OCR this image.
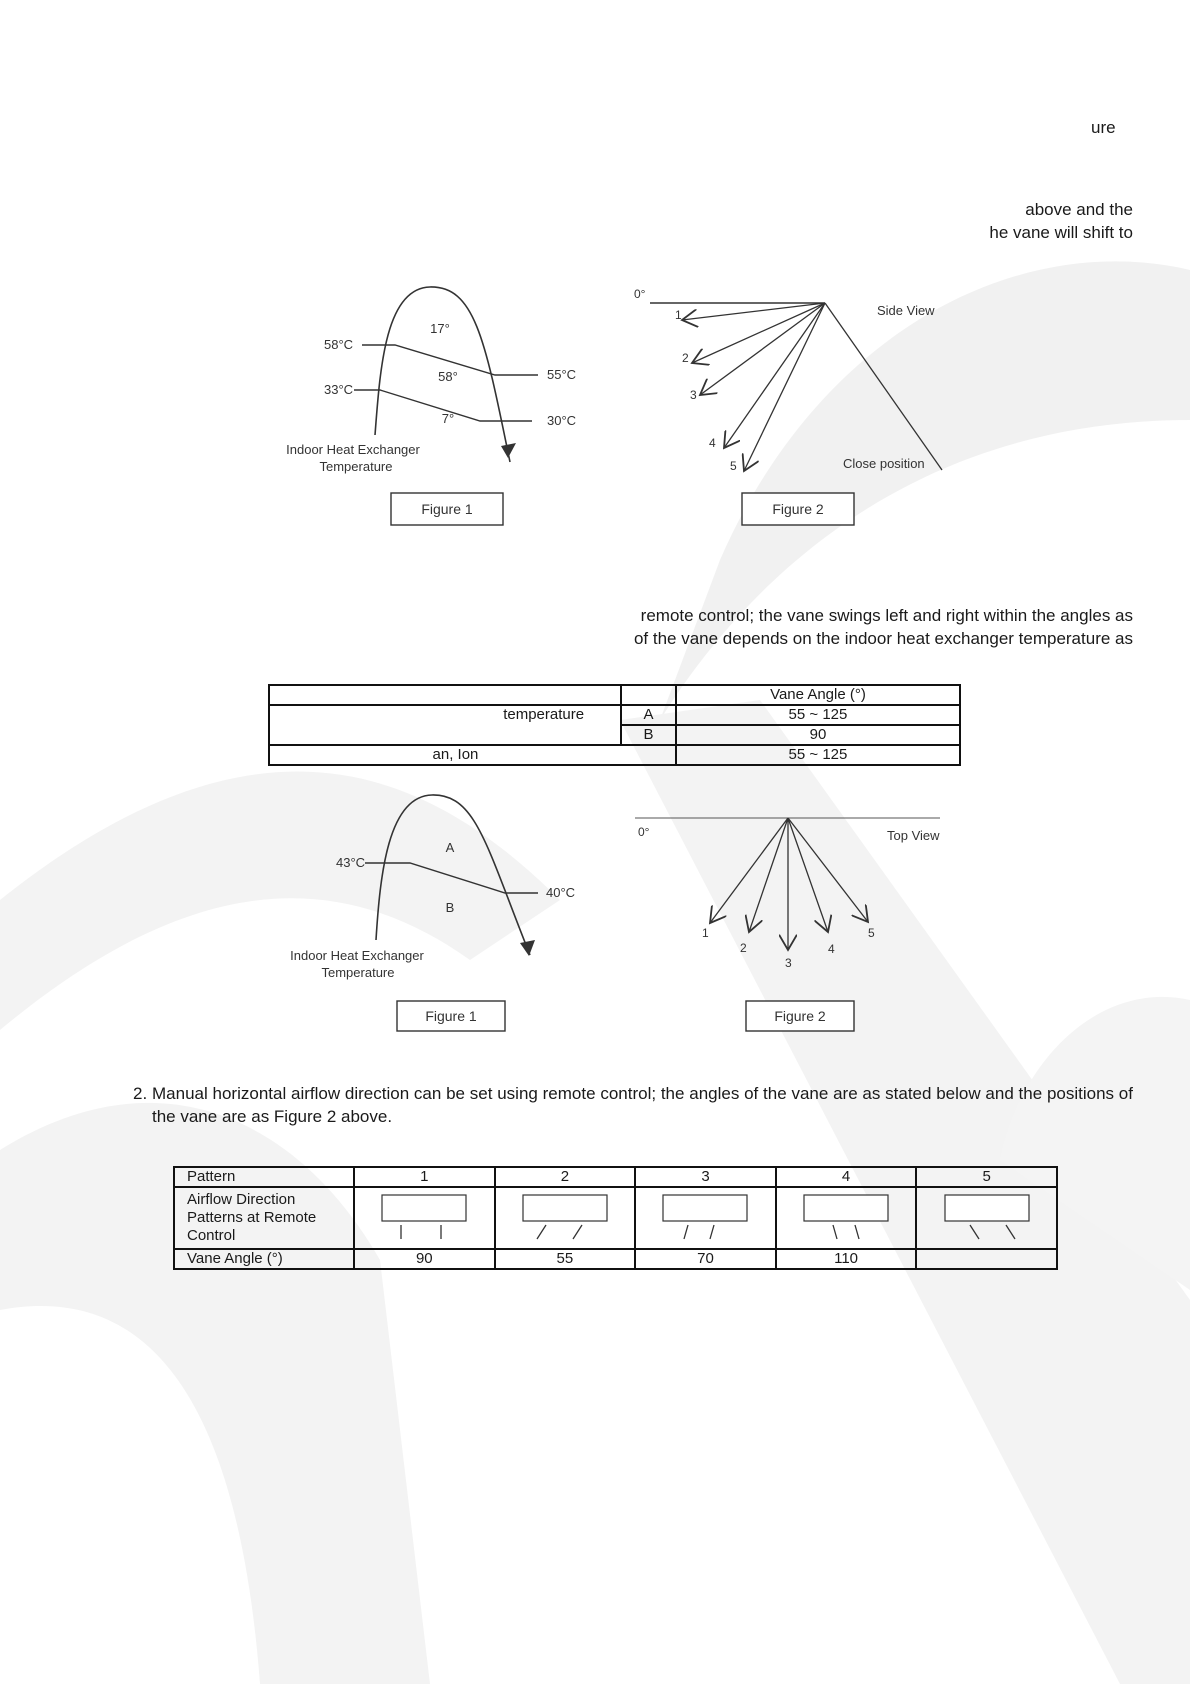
ure
above and the
he vane will shift to
17°
58°
7°
58°C
33°C
55°C
30°C
Indoor Heat Exchanger
Temperature
Figure 1
0°
1
2
3
4
5
Side View
Close position
Figure 2
remote control; the vane swings left and right within the angles as
of the vane depends on the indoor heat exchanger temperature as
		Vane Angle (°)
temperature	A	55 ~ 125
	B	90
an, Ion		55 ~ 125
A
B
43°C
40°C
Indoor Heat Exchanger
Temperature
Figure 1
0°	Top View
1
2
3
4
5
Figure 2
2. Manual horizontal airflow direction can be set using remote control; the angles of the vane are as stated below and the positions of the vane are as Figure 2 above.
Pattern	1	2	3	4	5
Airflow Direction Patterns at Remote Control					
Vane Angle (°)	90	55	70	110	
